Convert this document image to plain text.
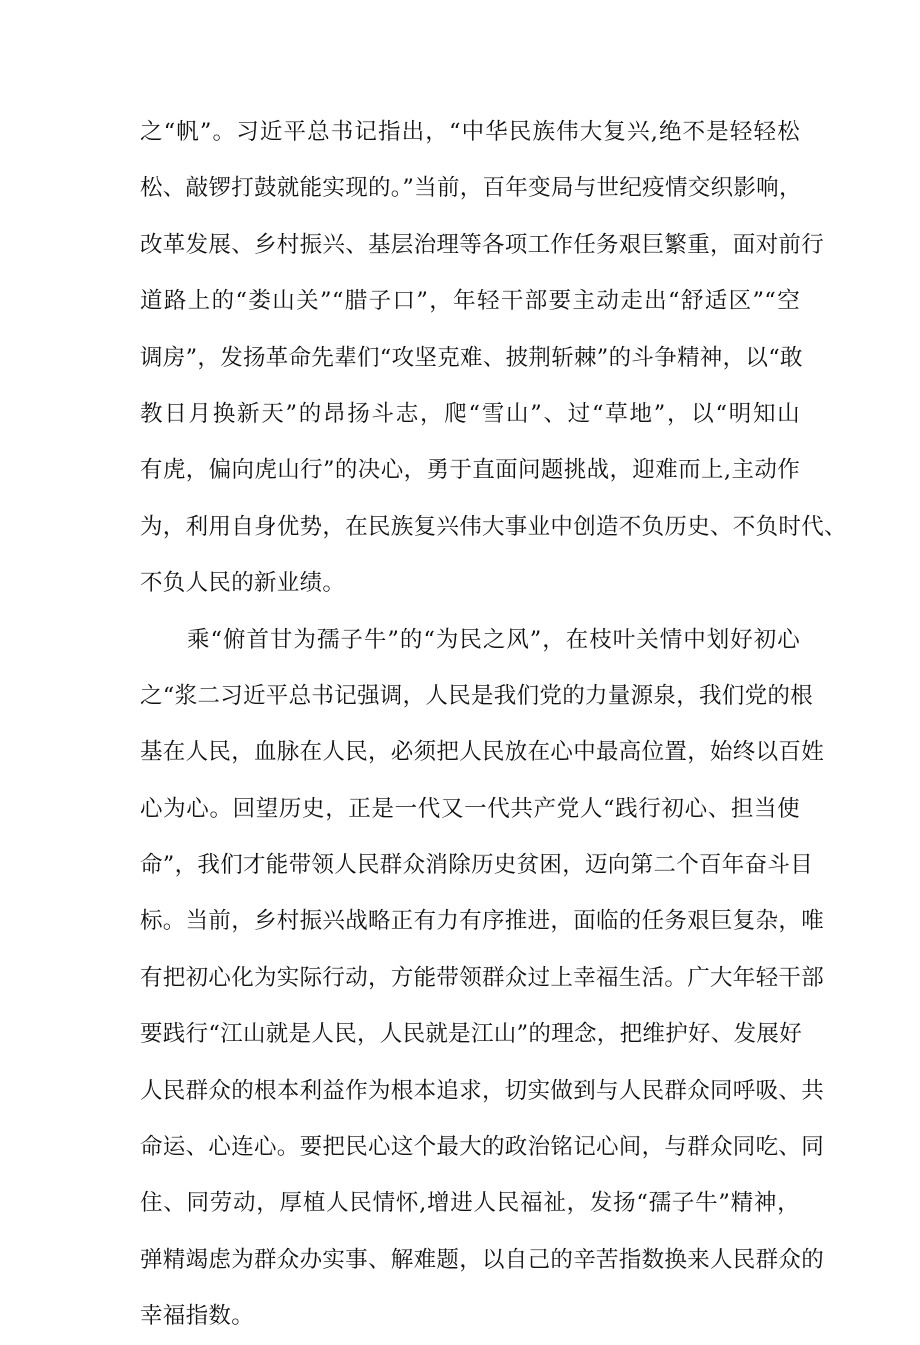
之“帆”。习近平总书记指出，“中华民族伟大复兴,绝不是轻轻松
松、敲锣打鼓就能实现的。”当前，百年变局与世纪疫情交织影响，
改革发展、乡村振兴、基层治理等各项工作任务艰巨繁重，面对前行
道路上的“娄山关”“腊子口”，年轻干部要主动走出“舒适区”“空
调房”，发扬革命先辈们“攻坚克难、披荆斩棘”的斗争精神，以“敢
教日月换新天”的昂扬斗志，爬“雪山”、过“草地”，以“明知山
有虎，偏向虎山行”的决心，勇于直面问题挑战，迎难而上,主动作
为，利用自身优势，在民族复兴伟大事业中创造不负历史、不负时代、
不负人民的新业绩。
　　乘“俯首甘为孺子牛”的“为民之风”，在枝叶关情中划好初心
之“浆二习近平总书记强调，人民是我们党的力量源泉，我们党的根
基在人民，血脉在人民，必须把人民放在心中最高位置，始终以百姓
心为心。回望历史，正是一代又一代共产党人“践行初心、担当使
命”，我们才能带领人民群众消除历史贫困，迈向第二个百年奋斗目
标。当前，乡村振兴战略正有力有序推进，面临的任务艰巨复杂，唯
有把初心化为实际行动，方能带领群众过上幸福生活。广大年轻干部
要践行“江山就是人民，人民就是江山”的理念，把维护好、发展好
人民群众的根本利益作为根本追求，切实做到与人民群众同呼吸、共
命运、心连心。要把民心这个最大的政治铭记心间，与群众同吃、同
住、同劳动，厚植人民情怀,增进人民福祉，发扬“孺子牛”精神，
弹精竭虑为群众办实事、解难题，以自己的辛苦指数换来人民群众的
幸福指数。
